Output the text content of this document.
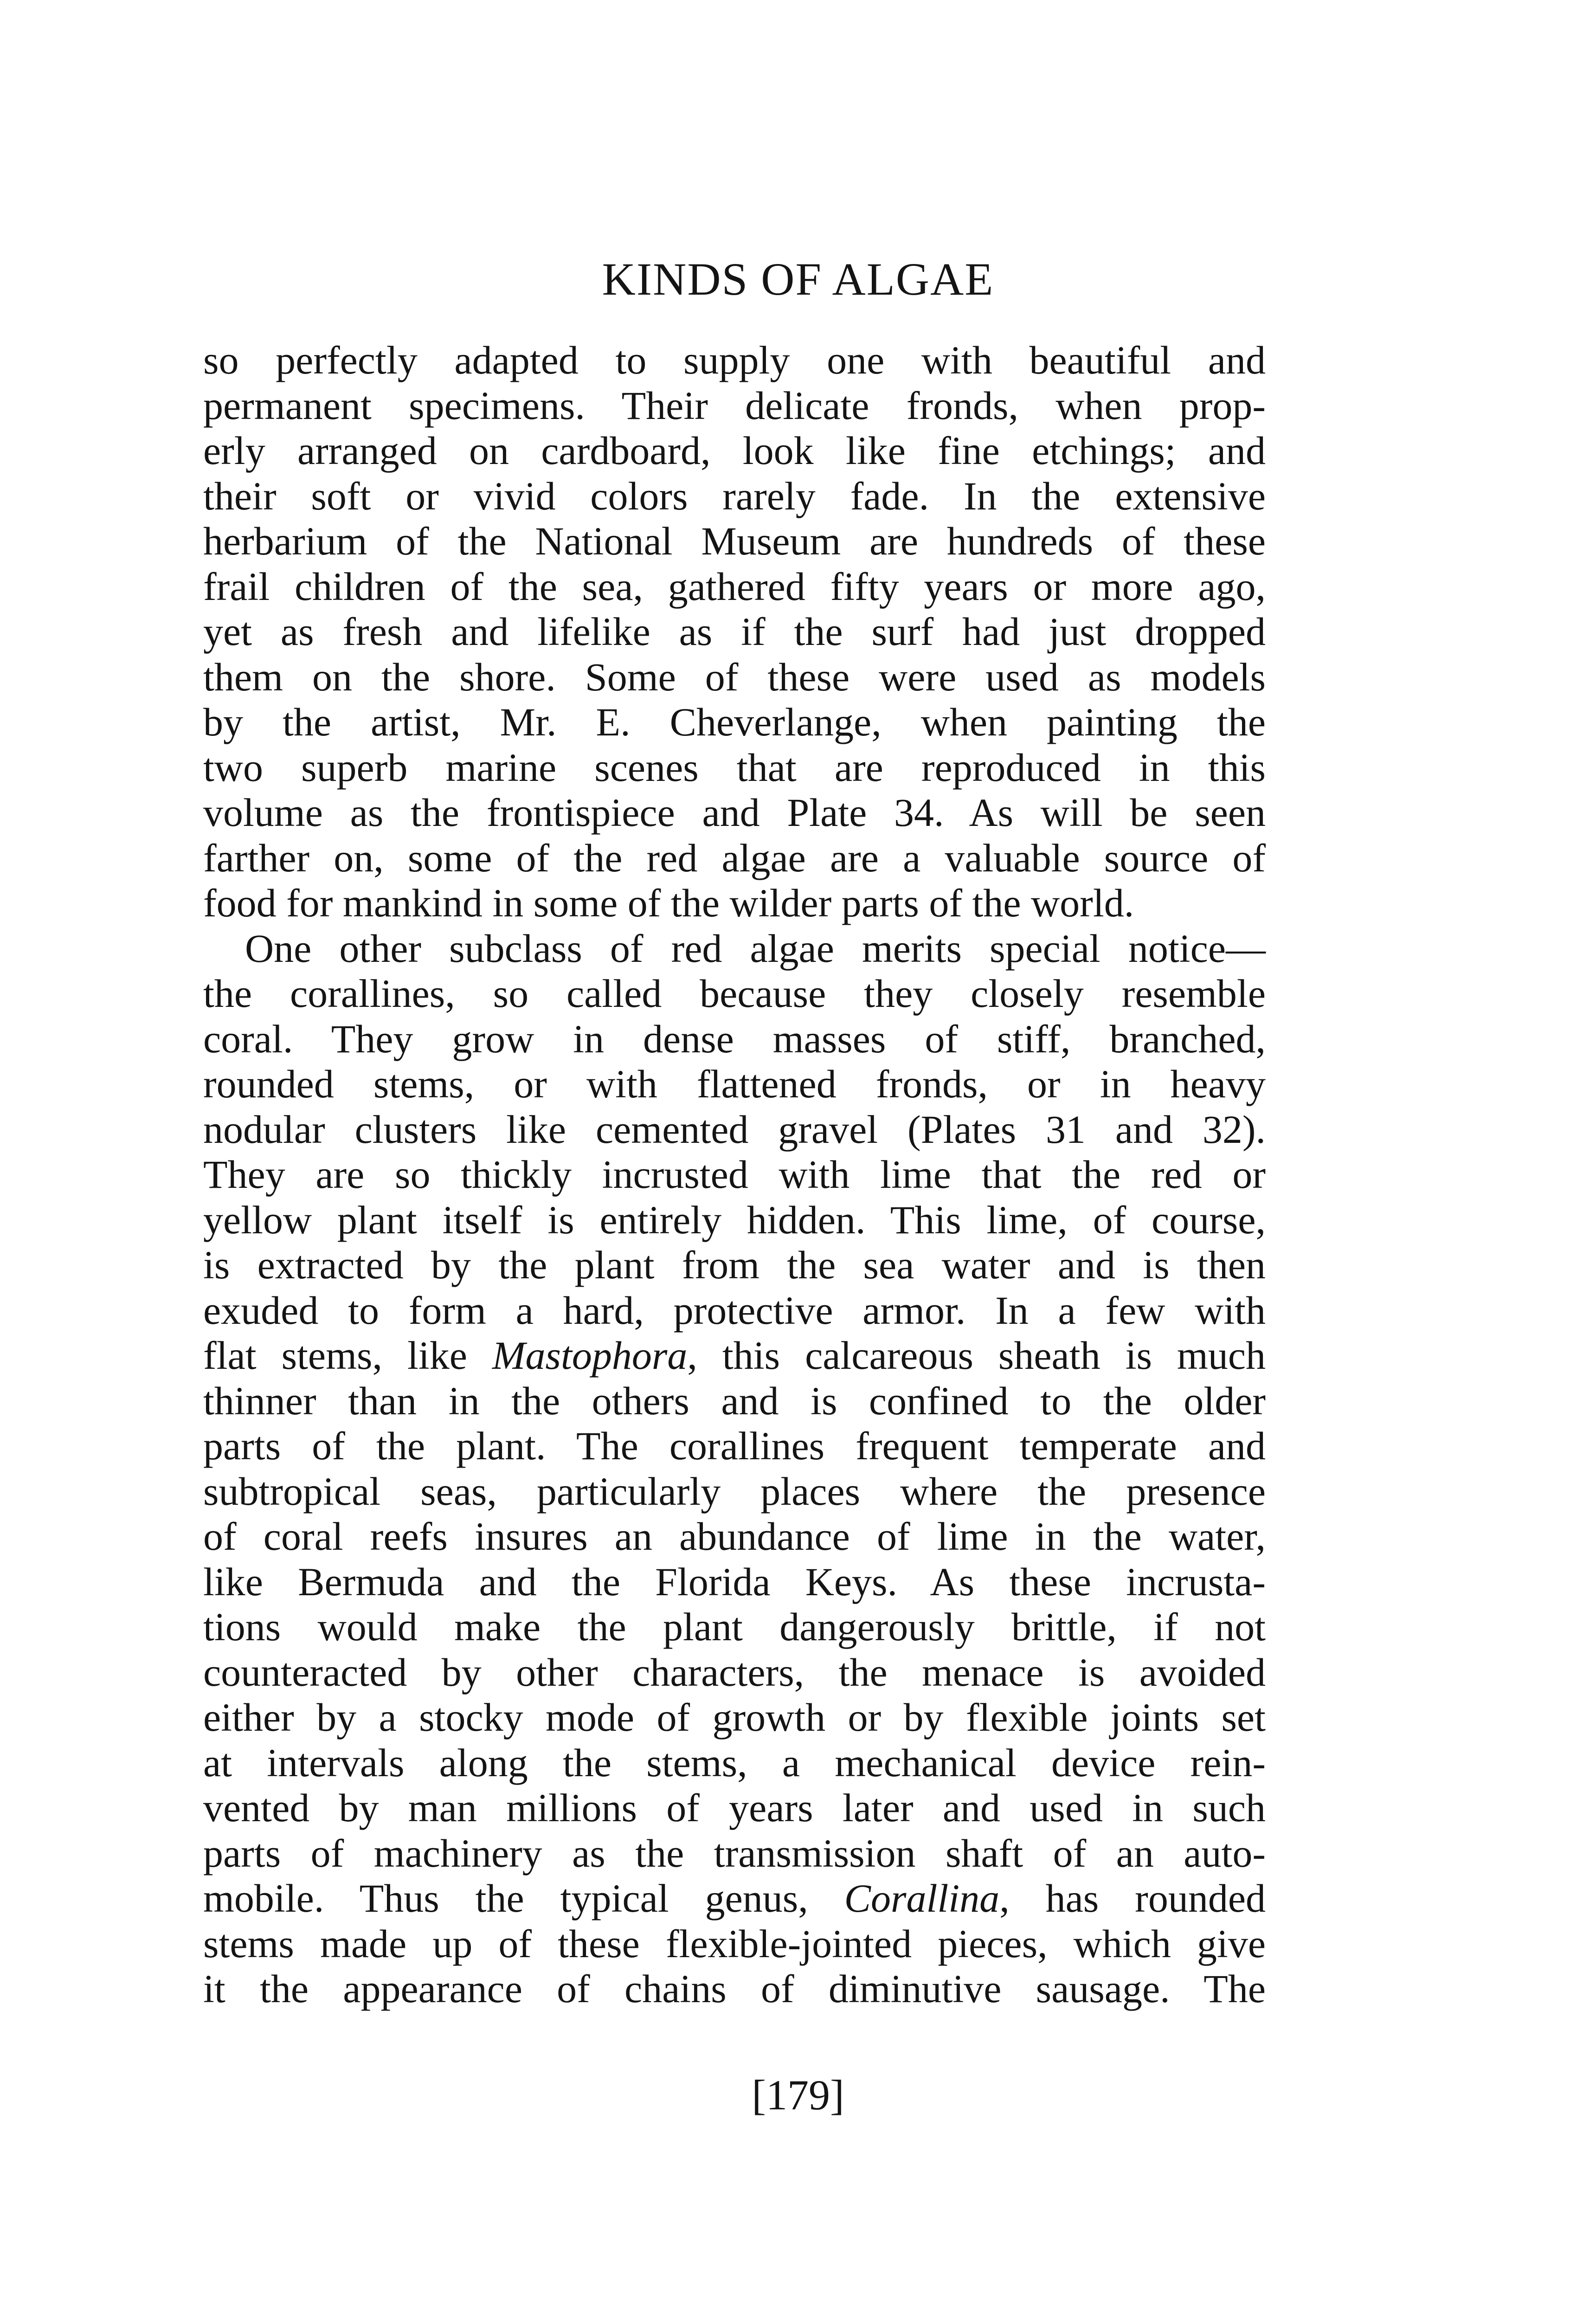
KINDS OF ALGAE
so perfectly adapted to supply one with beautiful and
permanent specimens. Their delicate fronds, when prop-
erly arranged on cardboard, look like fine etchings; and
their soft or vivid colors rarely fade. In the extensive
herbarium of the National Museum are hundreds of these
frail children of the sea, gathered fifty years or more ago,
yet as fresh and lifelike as if the surf had just dropped
them on the shore. Some of these were used as models
by the artist, Mr. E. Cheverlange, when painting the
two superb marine scenes that are reproduced in this
volume as the frontispiece and Plate 34. As will be seen
farther on, some of the red algae are a valuable source of
food for mankind in some of the wilder parts of the world.
One other subclass of red algae merits special notice—
the corallines, so called because they closely resemble
coral. They grow in dense masses of stiff, branched,
rounded stems, or with flattened fronds, or in heavy
nodular clusters like cemented gravel (Plates 31 and 32).
They are so thickly incrusted with lime that the red or
yellow plant itself is entirely hidden. This lime, of course,
is extracted by the plant from the sea water and is then
exuded to form a hard, protective armor. In a few with
flat stems, like Mastophora, this calcareous sheath is much
thinner than in the others and is confined to the older
parts of the plant. The corallines frequent temperate and
subtropical seas, particularly places where the presence
of coral reefs insures an abundance of lime in the water,
like Bermuda and the Florida Keys. As these incrusta-
tions would make the plant dangerously brittle, if not
counteracted by other characters, the menace is avoided
either by a stocky mode of growth or by flexible joints set
at intervals along the stems, a mechanical device rein-
vented by man millions of years later and used in such
parts of machinery as the transmission shaft of an auto-
mobile. Thus the typical genus, Corallina, has rounded
stems made up of these flexible-jointed pieces, which give
it the appearance of chains of diminutive sausage. The
[179]
